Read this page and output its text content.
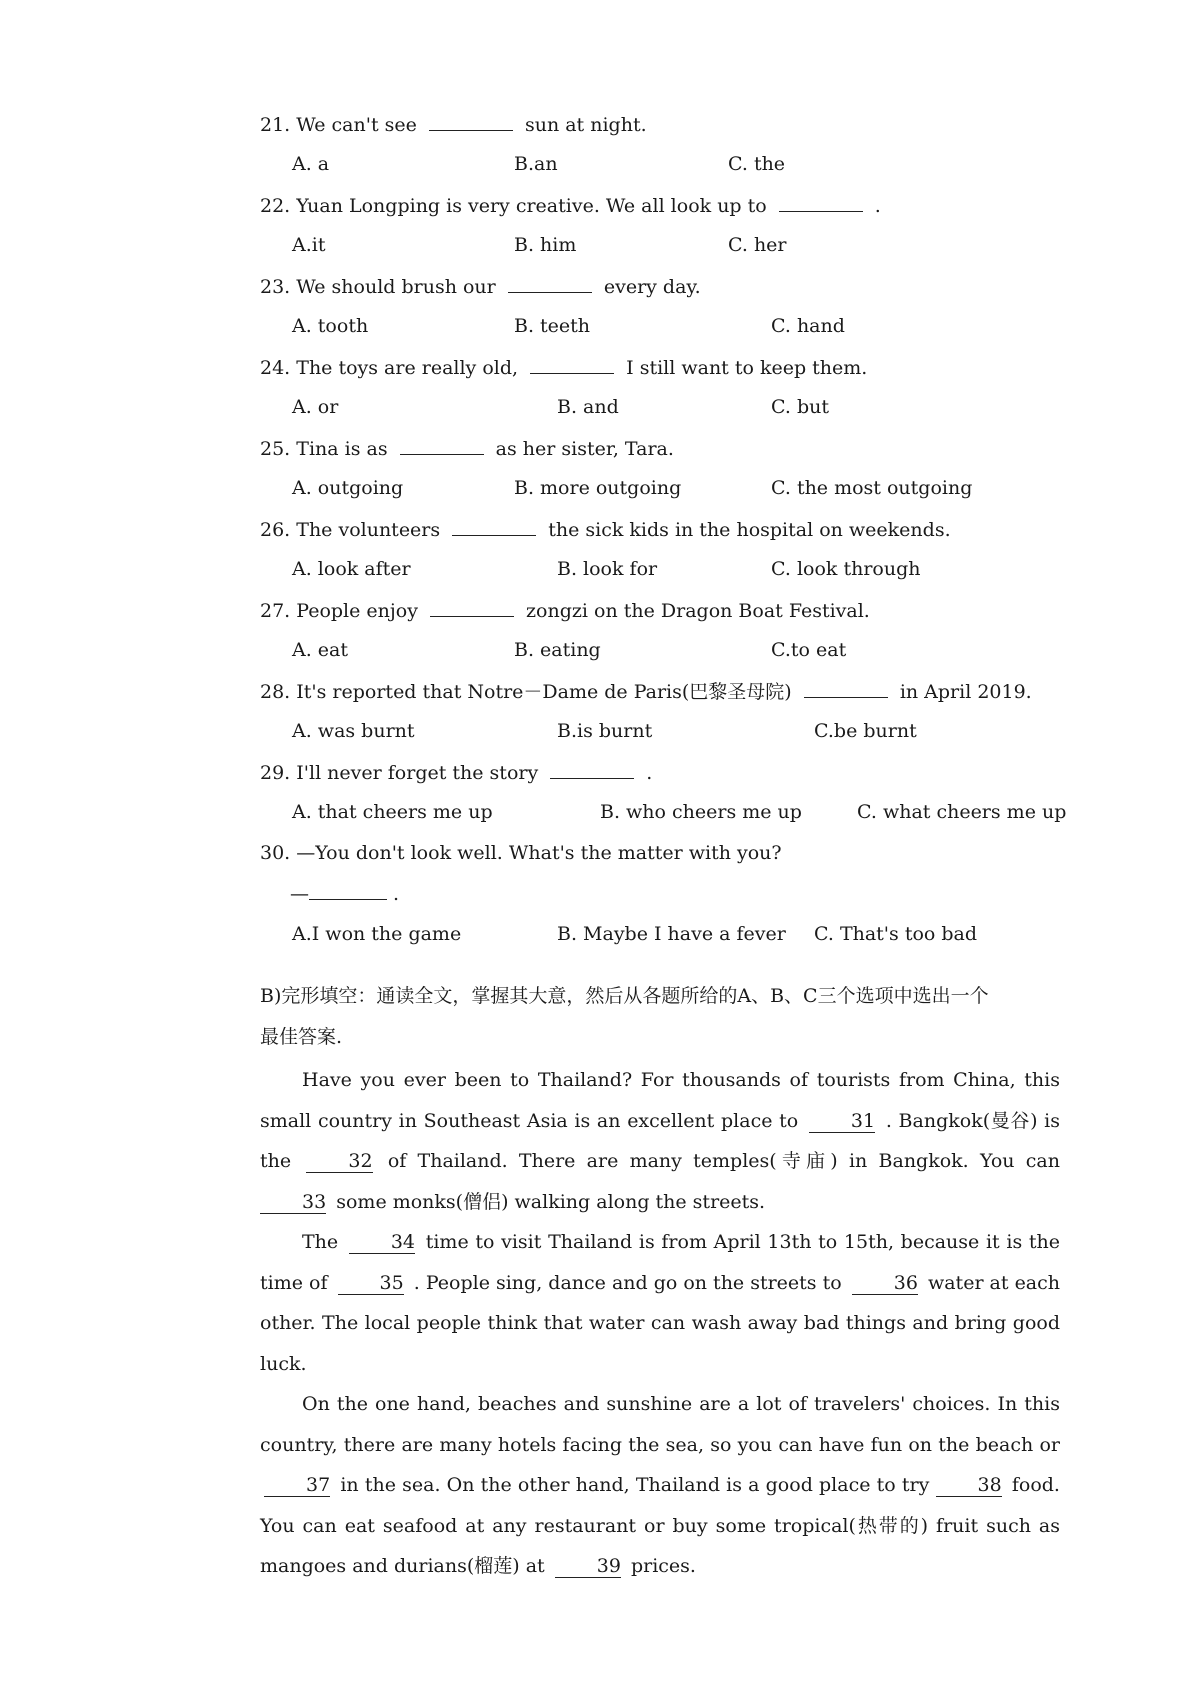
21. We can't see	sun at night.
A. a	B.an	C. the
22. Yuan Longping is very creative. We all look up to	.
A.it	B. him	C. her
23. We should brush our	every day.
A. tooth	B. teeth	C. hand
24. The toys are really old,	I still want to keep them.
A. or	B. and	C. but
25. Tina is as	as her sister, Tara.
A. outgoing	B. more outgoing	C. the most outgoing
26. The volunteers	the sick kids in the hospital on weekends.
A. look after	B. look for	C. look through
27. People enjoy	zongzi on the Dragon Boat Festival.
A. eat	B. eating	C.to eat
28. It's reported that Notre－Dame de Paris(巴黎圣母院)	in April 2019.
A. was burnt	B.is burnt	C.be burnt
29. I'll never forget the story	.
A. that cheers me up	B. who cheers me up	C. what cheers me up
30. —You don't look well. What's the matter with you?
—	.
A.I won the game	B. Maybe I have a fever C. That's too bad
B)完形填空：通读全文，掌握其大意，然后从各题所给的A、B、C三个选项中选出一个
最佳答案.
Have you ever been to Thailand? For thousands of tourists from China, this small country in Southeast Asia is an excellent place to	31 . Bangkok(曼谷) is the	32 of Thailand. There are many temples(寺庙) in Bangkok. You can 33 some monks(僧侣) walking along the streets.
The	34 time to visit Thailand is from April 13th to 15th, because it is the time of	35 . People sing, dance and go on the streets to	36 water at each other. The local people think that water can wash away bad things and bring good luck.
On the one hand, beaches and sunshine are a lot of travelers' choices. In this country, there are many hotels facing the sea, so you can have fun on the beach or 37 in the sea. On the other hand, Thailand is a good place to try	38 food. You can eat seafood at any restaurant or buy some tropical(热带的) fruit such as mangoes and durians(榴莲) at	39 prices.
